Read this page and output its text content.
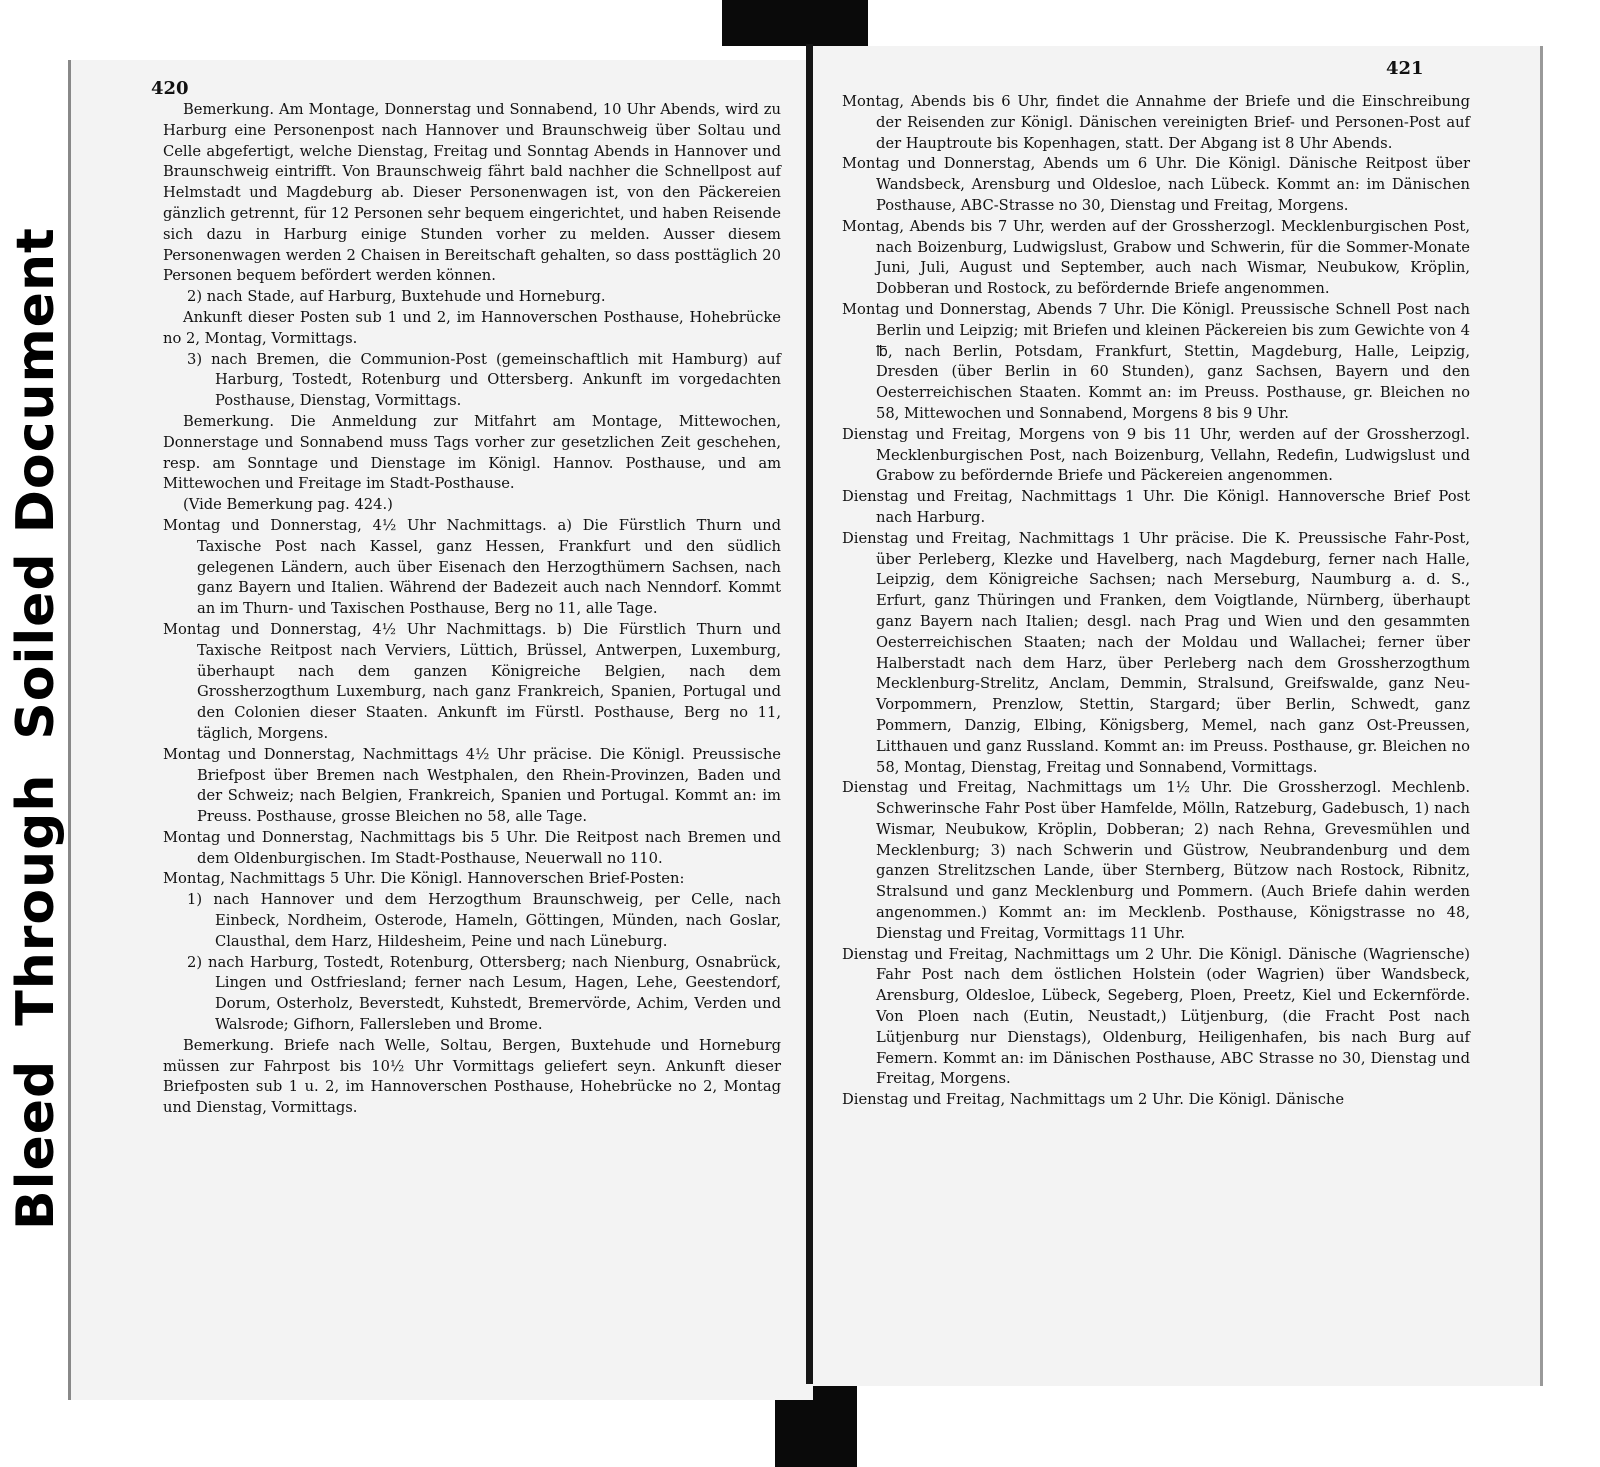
420

Bemerkung. Am Montage, Donnerstag und Sonnabend, 10 Uhr Abends, wird zu Harburg eine Personenpost nach Hannover und Braunschweig über Soltau und Celle abgefertigt, welche Dienstag, Freitag und Sonntag Abends in Hannover und Braunschweig eintrifft. Von Braunschweig fährt bald nachher die Schnellpost auf Helmstadt und Magdeburg ab. Dieser Personenwagen ist, von den Päckereien gänzlich getrennt, für 12 Personen sehr bequem eingerichtet, und haben Reisende sich dazu in Harburg einige Stunden vorher zu melden. Ausser diesem Personenwagen werden 2 Chaisen in Bereitschaft gehalten, so dass posttäglich 20 Personen bequem befördert werden können.

2) nach Stade, auf Harburg, Buxtehude und Horneburg.

Ankunft dieser Posten sub 1 und 2, im Hannoverschen Posthause, Hohebrücke no 2, Montag, Vormittags.

3) nach Bremen, die Communion-Post (gemeinschaftlich mit Hamburg) auf Harburg, Tostedt, Rotenburg und Ottersberg. Ankunft im vorgedachten Posthause, Dienstag, Vormittags.

Bemerkung. Die Anmeldung zur Mitfahrt am Montage, Mittewochen, Donnerstage und Sonnabend muss Tags vorher zur gesetzlichen Zeit geschehen, resp. am Sonntage und Dienstage im Königl. Hannov. Posthause, und am Mittewochen und Freitage im Stadt-Posthause.

(Vide Bemerkung pag. 424.)

Montag und Donnerstag, 4½ Uhr Nachmittags. a) Die Fürstlich Thurn und Taxische Post nach Kassel, ganz Hessen, Frankfurt und den südlich gelegenen Ländern, auch über Eisenach den Herzogthümern Sachsen, nach ganz Bayern und Italien. Während der Badezeit auch nach Nenndorf. Kommt an im Thurn- und Taxischen Posthause, Berg no 11, alle Tage.

Montag und Donnerstag, 4½ Uhr Nachmittags. b) Die Fürstlich Thurn und Taxische Reitpost nach Verviers, Lüttich, Brüssel, Antwerpen, Luxemburg, überhaupt nach dem ganzen Königreiche Belgien, nach dem Grossherzogthum Luxemburg, nach ganz Frankreich, Spanien, Portugal und den Colonien dieser Staaten. Ankunft im Fürstl. Posthause, Berg no 11, täglich, Morgens.

Montag und Donnerstag, Nachmittags 4½ Uhr präcise. Die Königl. Preussische Briefpost über Bremen nach Westphalen, den Rhein-Provinzen, Baden und der Schweiz; nach Belgien, Frankreich, Spanien und Portugal. Kommt an: im Preuss. Posthause, grosse Bleichen no 58, alle Tage.

Montag und Donnerstag, Nachmittags bis 5 Uhr. Die Reitpost nach Bremen und dem Oldenburgischen. Im Stadt-Posthause, Neuerwall no 110.

Montag, Nachmittags 5 Uhr. Die Königl. Hannoverschen Brief-Posten:

1) nach Hannover und dem Herzogthum Braunschweig, per Celle, nach Einbeck, Nordheim, Osterode, Hameln, Göttingen, Münden, nach Goslar, Clausthal, dem Harz, Hildesheim, Peine und nach Lüneburg.

2) nach Harburg, Tostedt, Rotenburg, Ottersberg; nach Nienburg, Osnabrück, Lingen und Ostfriesland; ferner nach Lesum, Hagen, Lehe, Geestendorf, Dorum, Osterholz, Beverstedt, Kuhstedt, Bremervörde, Achim, Verden und Walsrode; Gifhorn, Fallersleben und Brome.

Bemerkung. Briefe nach Welle, Soltau, Bergen, Buxtehude und Horneburg müssen zur Fahrpost bis 10½ Uhr Vormittags geliefert seyn. Ankunft dieser Briefposten sub 1 u. 2, im Hannoverschen Posthause, Hohebrücke no 2, Montag und Dienstag, Vormittags.

421

Montag, Abends bis 6 Uhr, findet die Annahme der Briefe und die Einschreibung der Reisenden zur Königl. Dänischen vereinigten Brief- und Personen-Post auf der Hauptroute bis Kopenhagen, statt. Der Abgang ist 8 Uhr Abends.

Montag und Donnerstag, Abends um 6 Uhr. Die Königl. Dänische Reitpost über Wandsbeck, Arensburg und Oldesloe, nach Lübeck. Kommt an: im Dänischen Posthause, ABC-Strasse no 30, Dienstag und Freitag, Morgens.

Montag, Abends bis 7 Uhr, werden auf der Grossherzogl. Mecklenburgischen Post, nach Boizenburg, Ludwigslust, Grabow und Schwerin, für die Sommer-Monate Juni, Juli, August und September, auch nach Wismar, Neubukow, Kröplin, Dobberan und Rostock, zu befördernde Briefe angenommen.

Montag und Donnerstag, Abends 7 Uhr. Die Königl. Preussische Schnell Post nach Berlin und Leipzig; mit Briefen und kleinen Päckereien bis zum Gewichte von 4 ℔, nach Berlin, Potsdam, Frankfurt, Stettin, Magdeburg, Halle, Leipzig, Dresden (über Berlin in 60 Stunden), ganz Sachsen, Bayern und den Oesterreichischen Staaten. Kommt an: im Preuss. Posthause, gr. Bleichen no 58, Mittewochen und Sonnabend, Morgens 8 bis 9 Uhr.

Dienstag und Freitag, Morgens von 9 bis 11 Uhr, werden auf der Grossherzogl. Mecklenburgischen Post, nach Boizenburg, Vellahn, Redefin, Ludwigslust und Grabow zu befördernde Briefe und Päckereien angenommen.

Dienstag und Freitag, Nachmittags 1 Uhr. Die Königl. Hannoversche Brief Post nach Harburg.

Dienstag und Freitag, Nachmittags 1 Uhr präcise. Die K. Preussische Fahr-Post, über Perleberg, Klezke und Havelberg, nach Magdeburg, ferner nach Halle, Leipzig, dem Königreiche Sachsen; nach Merseburg, Naumburg a. d. S., Erfurt, ganz Thüringen und Franken, dem Voigtlande, Nürnberg, überhaupt ganz Bayern nach Italien; desgl. nach Prag und Wien und den gesammten Oesterreichischen Staaten; nach der Moldau und Wallachei; ferner über Halberstadt nach dem Harz, über Perleberg nach dem Grossherzogthum Mecklenburg-Strelitz, Anclam, Demmin, Stralsund, Greifswalde, ganz Neu-Vorpommern, Prenzlow, Stettin, Stargard; über Berlin, Schwedt, ganz Pommern, Danzig, Elbing, Königsberg, Memel, nach ganz Ost-Preussen, Litthauen und ganz Russland. Kommt an: im Preuss. Posthause, gr. Bleichen no 58, Montag, Dienstag, Freitag und Sonnabend, Vormittags.

Dienstag und Freitag, Nachmittags um 1½ Uhr. Die Grossherzogl. Mechlenb. Schwerinsche Fahr Post über Hamfelde, Mölln, Ratzeburg, Gadebusch, 1) nach Wismar, Neubukow, Kröplin, Dobberan; 2) nach Rehna, Grevesmühlen und Mecklenburg; 3) nach Schwerin und Güstrow, Neubrandenburg und dem ganzen Strelitzschen Lande, über Sternberg, Bützow nach Rostock, Ribnitz, Stralsund und ganz Mecklenburg und Pommern. (Auch Briefe dahin werden angenommen.) Kommt an: im Mecklenb. Posthause, Königstrasse no 48, Dienstag und Freitag, Vormittags 11 Uhr.

Dienstag und Freitag, Nachmittags um 2 Uhr. Die Königl. Dänische (Wagriensche) Fahr Post nach dem östlichen Holstein (oder Wagrien) über Wandsbeck, Arensburg, Oldesloe, Lübeck, Segeberg, Ploen, Preetz, Kiel und Eckernförde. Von Ploen nach (Eutin, Neustadt,) Lütjenburg, (die Fracht Post nach Lütjenburg nur Dienstags), Oldenburg, Heiligenhafen, bis nach Burg auf Femern. Kommt an: im Dänischen Posthause, ABC Strasse no 30, Dienstag und Freitag, Morgens.

Dienstag und Freitag, Nachmittags um 2 Uhr. Die Königl. Dänische

BleedThroughSoiled Document
